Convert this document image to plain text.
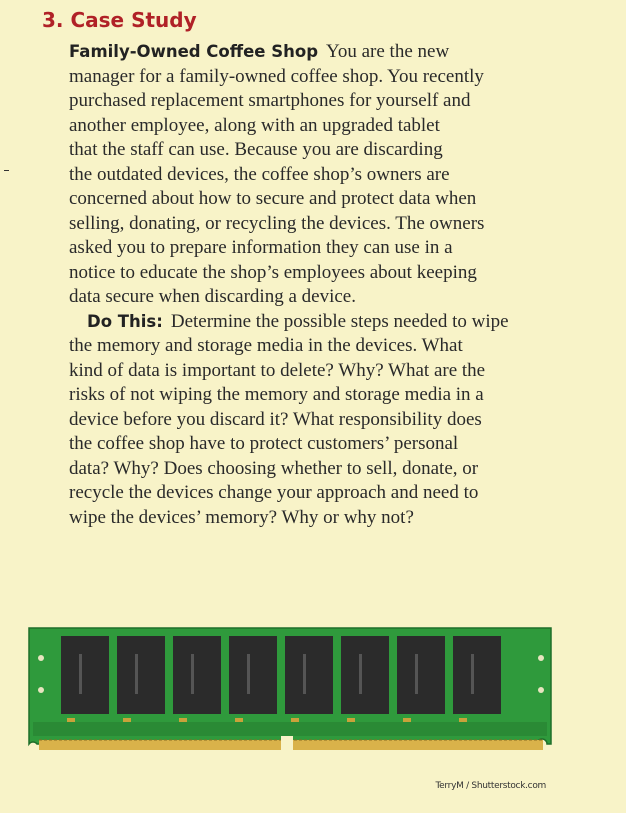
3. Case Study

Family-Owned Coffee Shop You are the new
manager for a family-owned coffee shop. You recently
purchased replacement smartphones for yourself and
another employee, along with an upgraded tablet
that the staff can use. Because you are discarding
the outdated devices, the coffee shop’s owners are
concerned about how to secure and protect data when
selling, donating, or recycling the devices. The owners
asked you to prepare information they can use in a
notice to educate the shop’s employees about keeping
data secure when discarding a device.

Do This: Determine the possible steps needed to wipe
the memory and storage media in the devices. What
kind of data is important to delete? Why? What are the
risks of not wiping the memory and storage media in a
device before you discard it? What responsibility does
the coffee shop have to protect customers’ personal
data? Why? Does choosing whether to sell, donate, or
recycle the devices change your approach and need to
wipe the devices’ memory? Why or why not?

TerryM / Shutterstock.com
